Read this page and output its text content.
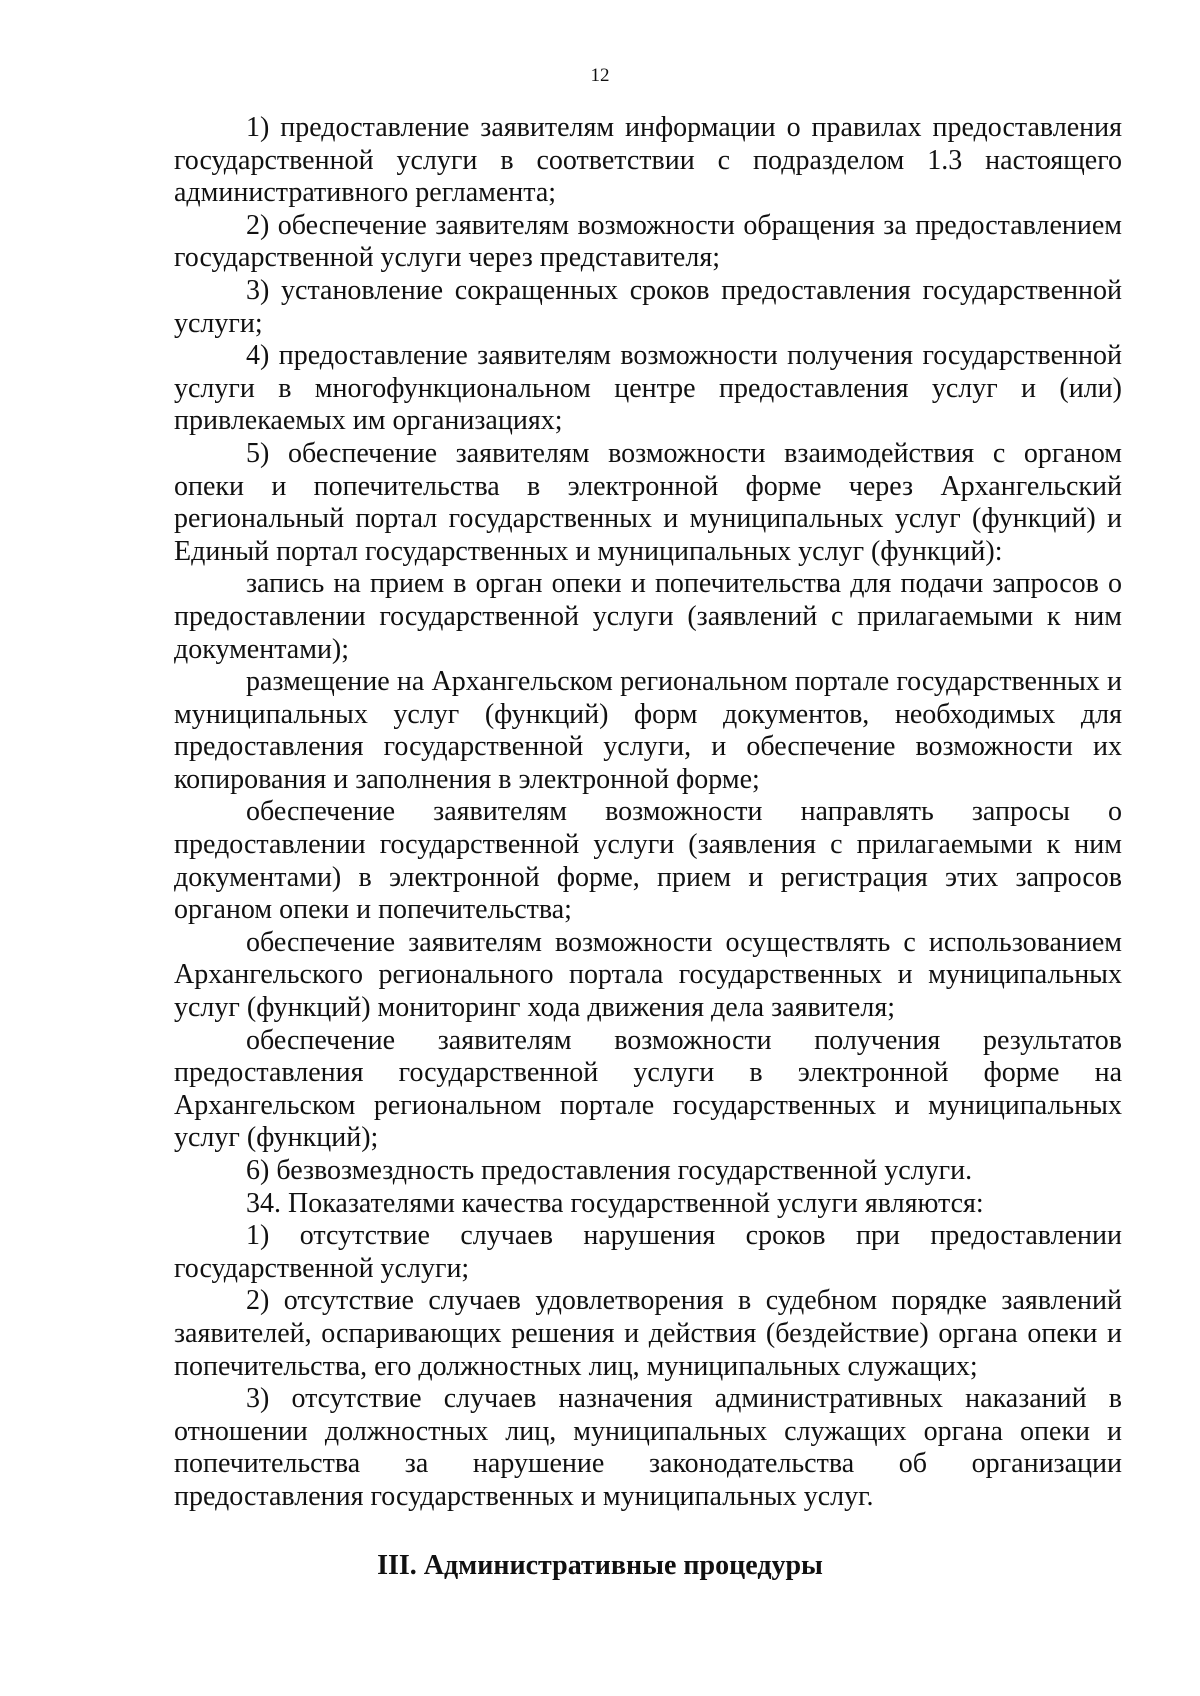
12

1) предоставление заявителям информации о правилах предоставления государственной услуги в соответствии с подразделом 1.3 настоящего административного регламента;

2) обеспечение заявителям возможности обращения за предоставлением государственной услуги через представителя;

3) установление сокращенных сроков предоставления государственной услуги;

4) предоставление заявителям возможности получения государственной услуги в многофункциональном центре предоставления услуг и (или) привлекаемых им организациях;

5) обеспечение заявителям возможности взаимодействия с органом опеки и попечительства в электронной форме через Архангельский региональный портал государственных и муниципальных услуг (функций) и Единый портал государственных и муниципальных услуг (функций):

запись на прием в орган опеки и попечительства для подачи запросов о предоставлении государственной услуги (заявлений с прилагаемыми к ним документами);

размещение на Архангельском региональном портале государственных и муниципальных услуг (функций) форм документов, необходимых для предоставления государственной услуги, и обеспечение возможности их копирования и заполнения в электронной форме;

обеспечение заявителям возможности направлять запросы о предоставлении государственной услуги (заявления с прилагаемыми к ним документами) в электронной форме, прием и регистрация этих запросов органом опеки и попечительства;

обеспечение заявителям возможности осуществлять с использованием Архангельского регионального портала государственных и муниципальных услуг (функций) мониторинг хода движения дела заявителя;

обеспечение заявителям возможности получения результатов предоставления государственной услуги в электронной форме на Архангельском региональном портале государственных и муниципальных услуг (функций);

6) безвозмездность предоставления государственной услуги.

34. Показателями качества государственной услуги являются:

1) отсутствие случаев нарушения сроков при предоставлении государственной услуги;

2) отсутствие случаев удовлетворения в судебном порядке заявлений заявителей, оспаривающих решения и действия (бездействие) органа опеки и попечительства, его должностных лиц, муниципальных служащих;

3) отсутствие случаев назначения административных наказаний в отношении должностных лиц, муниципальных служащих органа опеки и попечительства за нарушение законодательства об организации предоставления государственных и муниципальных услуг.

III. Административные процедуры
